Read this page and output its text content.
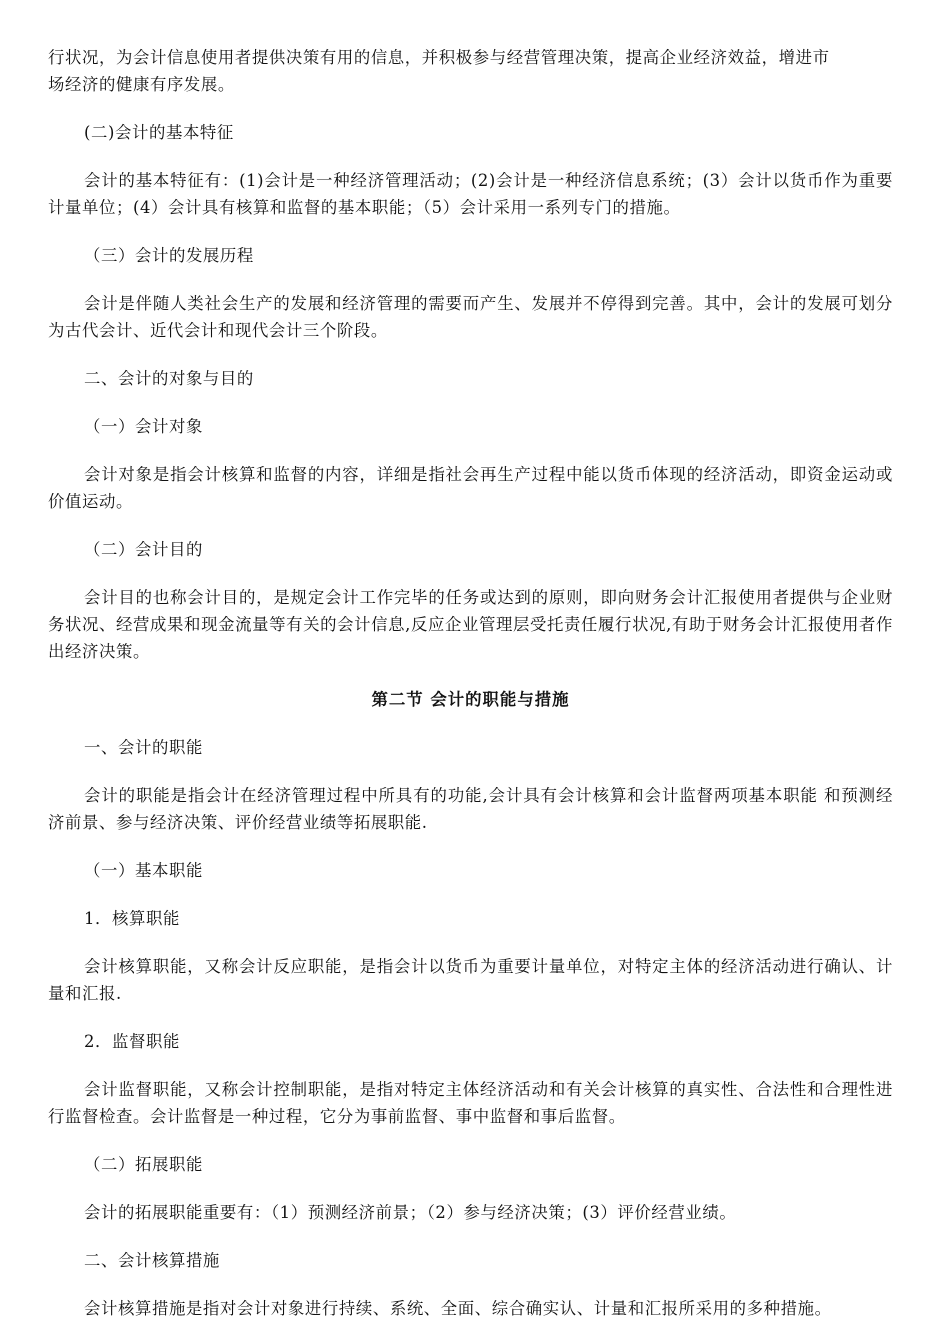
行状况，为会计信息使用者提供决策有用的信息，并积极参与经营管理决策，提高企业经济效益，增进市
场经济的健康有序发展。

(二)会计的基本特征

会计的基本特征有：(1)会计是一种经济管理活动；(2)会计是一种经济信息系统；(3）会计以货币作为重要计量单位；(4）会计具有核算和监督的基本职能；（5）会计采用一系列专门的措施。

（三）会计的发展历程

会计是伴随人类社会生产的发展和经济管理的需要而产生、发展并不停得到完善。其中，会计的发展可划分为古代会计、近代会计和现代会计三个阶段。

二、会计的对象与目的
（一）会计对象

会计对象是指会计核算和监督的内容，详细是指社会再生产过程中能以货币体现的经济活动，即资金运动或价值运动。

（二）会计目的

会计目的也称会计目的，是规定会计工作完毕的任务或达到的原则，即向财务会计汇报使用者提供与企业财务状况、经营成果和现金流量等有关的会计信息,反应企业管理层受托责任履行状况,有助于财务会计汇报使用者作出经济决策。

第二节 会计的职能与措施
一、会计的职能

会计的职能是指会计在经济管理过程中所具有的功能,会计具有会计核算和会计监督两项基本职能 和预测经济前景、参与经济决策、评价经营业绩等拓展职能.

（一）基本职能
1．核算职能

会计核算职能，又称会计反应职能，是指会计以货币为重要计量单位，对特定主体的经济活动进行确认、计量和汇报.

2．监督职能

会计监督职能，又称会计控制职能，是指对特定主体经济活动和有关会计核算的真实性、合法性和合理性进行监督检查。会计监督是一种过程，它分为事前监督、事中监督和事后监督。

（二）拓展职能

会计的拓展职能重要有：（1）预测经济前景；（2）参与经济决策；(3）评价经营业绩。

二、会计核算措施

会计核算措施是指对会计对象进行持续、系统、全面、综合确实认、计量和汇报所采用的多种措施。
